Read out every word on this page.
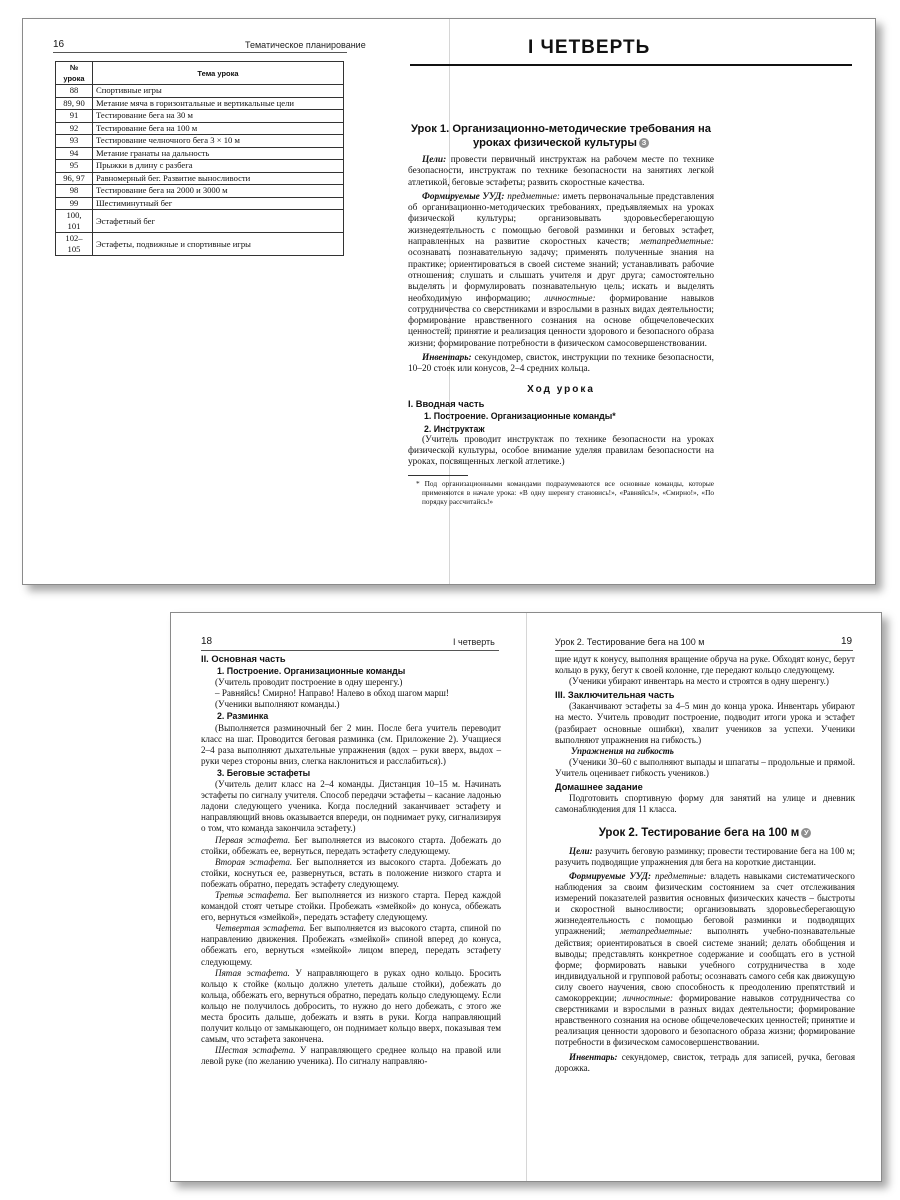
16	Тематическое планирование
№ урока	Тема урока
88	Спортивные игры
89, 90	Метание мяча в горизонтальные и вертикальные цели
91	Тестирование бега на 30 м
92	Тестирование бега на 100 м
93	Тестирование челночного бега 3 × 10 м
94	Метание гранаты на дальность
95	Прыжки в длину с разбега
96, 97	Равномерный бег. Развитие выносливости
98	Тестирование бега на 2000 и 3000 м
99	Шестиминутный бег
100, 101	Эстафетный бег
102–105	Эстафеты, подвижные и спортивные игры
I ЧЕТВЕРТЬ
Урок 1. Организационно-методические требования на уроках физической культуры З

Цели: провести первичный инструктаж на рабочем месте по технике безопасности, инструктаж по технике безопасности на занятиях легкой атлетикой, беговые эстафеты; развить скоростные качества.

Формируемые УУД: предметные: иметь первоначальные представления об организационно-методических требованиях, предъявляемых на уроках физической культуры; организовывать здоровьесберегающую жизнедеятельность с помощью беговой разминки и беговых эстафет, направленных на развитие скоростных качеств; метапредметные: осознавать познавательную задачу; применять полученные знания на практике; ориентироваться в своей системе знаний; устанавливать рабочие отношения; слушать и слышать учителя и друг друга; самостоятельно выделять и формулировать познавательную цель; искать и выделять необходимую информацию; личностные: формирование навыков сотрудничества со сверстниками и взрослыми в разных видах деятельности; формирование нравственного сознания на основе общечеловеческих ценностей; принятие и реализация ценности здорового и безопасного образа жизни; формирование потребности в физическом самосовершенствовании.

Инвентарь: секундомер, свисток, инструкции по технике безопасности, 10–20 стоек или конусов, 2–4 средних кольца.

Ход урока
I. Вводная часть
1. Построение. Организационные команды*
2. Инструктаж

(Учитель проводит инструктаж по технике безопасности на уроках физической культуры, особое внимание уделяя правилам безопасности на уроках, посвященных легкой атлетике.)

* Под организационными командами подразумеваются все основные команды, которые применяются в начале урока: «В одну шеренгу становись!», «Равняйсь!», «Смирно!», «По порядку рассчитайсь!»
18	I четверть
II. Основная часть
1. Построение. Организационные команды

(Учитель проводит построение в одну шеренгу.)

– Равняйсь! Смирно! Направо! Налево в обход шагом марш!

(Ученики выполняют команды.)

2. Разминка

(Выполняется разминочный бег 2 мин. После бега учитель переводит класс на шаг. Проводится беговая разминка (см. Приложение 2). Учащиеся 2–4 раза выполняют дыхательные упражнения (вдох – руки вверх, выдох – руки через стороны вниз, слегка наклониться и расслабиться).)

3. Беговые эстафеты

(Учитель делит класс на 2–4 команды. Дистанция 10–15 м. Начинать эстафеты по сигналу учителя. Способ передачи эстафеты – касание ладонью ладони следующего ученика. Когда последний заканчивает эстафету и направляющий вновь оказывается впереди, он поднимает руку, сигнализируя о том, что команда закончила эстафету.)

Первая эстафета. Бег выполняется из высокого старта. Добежать до стойки, оббежать ее, вернуться, передать эстафету следующему.

Вторая эстафета. Бег выполняется из высокого старта. Добежать до стойки, коснуться ее, развернуться, встать в положение низкого старта и побежать обратно, передать эстафету следующему.

Третья эстафета. Бег выполняется из низкого старта. Перед каждой командой стоят четыре стойки. Пробежать «змейкой» до конуса, оббежать его, вернуться «змейкой», передать эстафету следующему.

Четвертая эстафета. Бег выполняется из высокого старта, спиной по направлению движения. Пробежать «змейкой» спиной вперед до конуса, оббежать его, вернуться «змейкой» лицом вперед, передать эстафету следующему.

Пятая эстафета. У направляющего в руках одно кольцо. Бросить кольцо к стойке (кольцо должно улететь дальше стойки), добежать до кольца, оббежать его, вернуться обратно, передать кольцо следующему. Если кольцо не получилось добросить, то нужно до него добежать, с этого же места бросить дальше, добежать и взять в руки. Когда направляющий получит кольцо от замыкающего, он поднимает кольцо вверх, показывая тем самым, что эстафета закончена.

Шестая эстафета. У направляющего среднее кольцо на правой или левой руке (по желанию ученика). По сигналу направляю-

Урок 2. Тестирование бега на 100 м	19

щие идут к конусу, выполняя вращение обруча на руке. Обходят конус, берут кольцо в руку, бегут к своей колонне, где передают кольцо следующему.

(Ученики убирают инвентарь на место и строятся в одну шеренгу.)

III. Заключительная часть

(Заканчивают эстафеты за 4–5 мин до конца урока. Инвентарь убирают на место. Учитель проводит построение, подводит итоги урока и эстафет (разбирает основные ошибки), хвалит учеников за успехи. Ученики выполняют упражнения на гибкость.)

Упражнения на гибкость

(Ученики 30–60 с выполняют выпады и шпагаты – продольные и прямой. Учитель оценивает гибкость учеников.)

Домашнее задание

Подготовить спортивную форму для занятий на улице и дневник самонаблюдения для 11 класса.

Урок 2. Тестирование бега на 100 м У

Цели: разучить беговую разминку; провести тестирование бега на 100 м; разучить подводящие упражнения для бега на короткие дистанции.

Формируемые УУД: предметные: владеть навыками систематического наблюдения за своим физическим состоянием за счет отслеживания измерений показателей развития основных физических качеств – быстроты и скоростной выносливости; организовывать здоровьесберегающую жизнедеятельность с помощью беговой разминки и подводящих упражнений; метапредметные: выполнять учебно-познавательные действия; ориентироваться в своей системе знаний; делать обобщения и выводы; представлять конкретное содержание и сообщать его в устной форме; формировать навыки учебного сотрудничества в ходе индивидуальной и групповой работы; осознавать самого себя как движущую силу своего научения, свою способность к преодолению препятствий и самокоррекции; личностные: формирование навыков сотрудничества со сверстниками и взрослыми в разных видах деятельности; формирование нравственного сознания на основе общечеловеческих ценностей; принятие и реализация ценности здорового и безопасного образа жизни; формирование потребности в физическом самосовершенствовании.

Инвентарь: секундомер, свисток, тетрадь для записей, ручка, беговая дорожка.
